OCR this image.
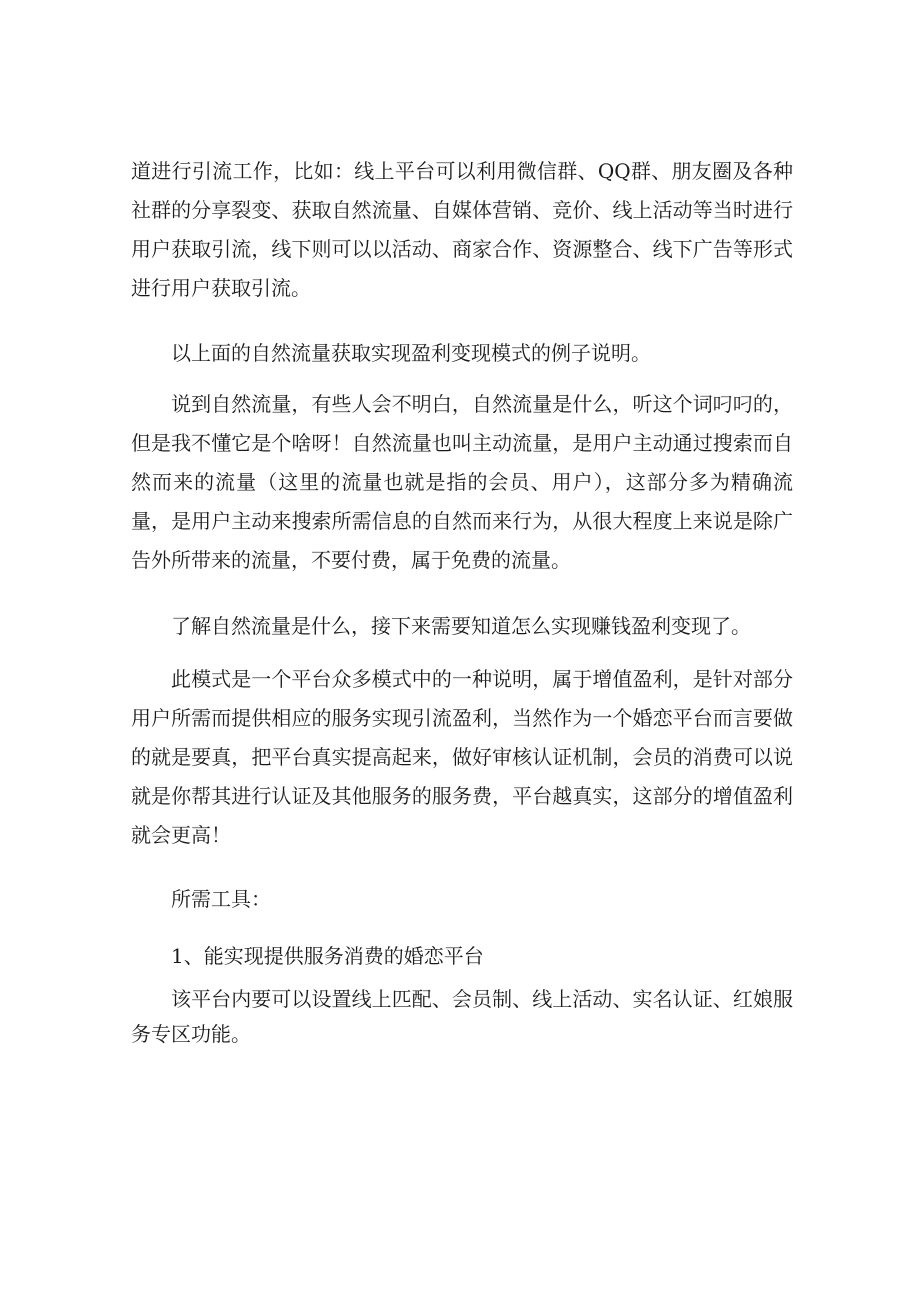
道进行引流工作，比如：线上平台可以利用微信群、QQ群、朋友圈及各种社群的分享裂变、获取自然流量、自媒体营销、竞价、线上活动等当时进行用户获取引流，线下则可以以活动、商家合作、资源整合、线下广告等形式进行用户获取引流。

以上面的自然流量获取实现盈利变现模式的例子说明。

说到自然流量，有些人会不明白，自然流量是什么，听这个词叼叼的，但是我不懂它是个啥呀！自然流量也叫主动流量，是用户主动通过搜索而自然而来的流量（这里的流量也就是指的会员、用户），这部分多为精确流量，是用户主动来搜索所需信息的自然而来行为，从很大程度上来说是除广告外所带来的流量，不要付费，属于免费的流量。

了解自然流量是什么，接下来需要知道怎么实现赚钱盈利变现了。

此模式是一个平台众多模式中的一种说明，属于增值盈利，是针对部分用户所需而提供相应的服务实现引流盈利，当然作为一个婚恋平台而言要做的就是要真，把平台真实提高起来，做好审核认证机制，会员的消费可以说就是你帮其进行认证及其他服务的服务费，平台越真实，这部分的增值盈利就会更高！

所需工具：

1、能实现提供服务消费的婚恋平台

该平台内要可以设置线上匹配、会员制、线上活动、实名认证、红娘服务专区功能。
